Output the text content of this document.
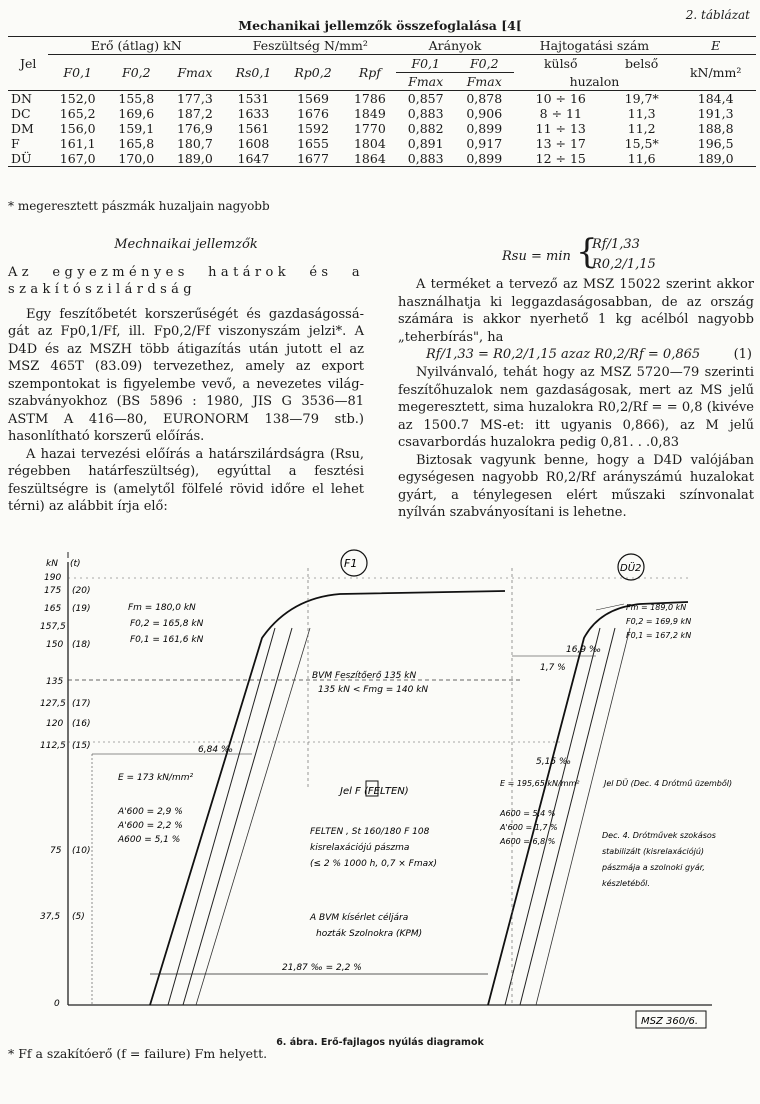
2. táblázat
Mechanikai jellemzők összefoglalása [4[
Jel	Erő (átlag) kN			Feszültség N/mm²			Arányok		Hajtogatási szám		E
	F0,1	F0,2	Fmax	Rs0,1	Rp0,2	Rpf	F0,1	F0,2	külső	belső	kN/mm²
							Fmax	Fmax	huzalon		
DN	152,0	155,8	177,3	1531	1569	1786	0,857	0,878	10 ÷ 16	19,7*	184,4
DC	165,2	169,6	187,2	1633	1676	1849	0,883	0,906	8 ÷ 11	11,3	191,3
DM	156,0	159,1	176,9	1561	1592	1770	0,882	0,899	11 ÷ 13	11,2	188,8
F	161,1	165,8	180,7	1608	1655	1804	0,891	0,917	13 ÷ 17	15,5*	196,5
DÜ	167,0	170,0	189,0	1647	1677	1864	0,883	0,899	12 ÷ 15	11,6	189,0
* megeresztett pászmák huzaljain nagyobb
Mechnaikai jellemzők
Az egyezményes határok és a szakítószilárdság

Egy feszítőbetét korszerűségét és gazdaságosságát az Fp0,1/Ff, ill. Fp0,2/Ff viszonyszám jelzi*. A D4D és az MSZH több átigazítás után jutott el az MSZ 465T (83.09) tervezethez, amely az export szempontokat is figyelembe vevő, a nevezetes világszabványokhoz (BS 5896 : 1980, JIS G 3536—81 ASTM A 416—80, EURONORM 138—79 stb.) hasonlítható korszerű előírás.

A hazai tervezési előírás a határszilárdságra (Rsu, régebben határfeszültség), egyúttal a fesztési feszültségre is (amelytől fölfelé rövid időre el lehet térni) az alábbit írja elő:

Rsu = min {
Rf/1,33
R0,2/1,15

A terméket a tervező az MSZ 15022 szerint akkor használhatja ki leggazdaságosabban, de az ország számára is akkor nyerhető 1 kg acélból nagyobb „teherbírás", ha

Rf/1,33 = R0,2/1,15 azaz R0,2/Rf = 0,865	(1)

Nyilvánvaló, tehát hogy az MSZ 5720—79 szerinti feszítőhuzalok nem gazdaságosak, mert az MS jelű megeresztett, sima huzalokra R0,2/Rf = = 0,8 (kivéve az 1500.7 MS-et: itt ugyanis 0,866), az M jelű csavarbordás huzalokra pedig 0,81. . .0,83

Biztosak vagyunk benne, hogy a D4D valójában egységesen nagyobb R0,2/Rf arányszámú huzalokat gyárt, a ténylegesen elért műszaki színvonalat nyílván szabványosítani is lehetne.

kN (t)
190
175
165
157,5
150
135
127,5
120
112,5
75
37,5
0
(20)
(19)
(18)
(17)
(16)
(15)
(10)
(5)
F1	DÜ2
Fm = 180,0 kN
F0,2 = 165,8 kN
F0,1 = 161,6 kN
Fm = 189,0 kN
F0,2 = 169,9 kN
F0,1 = 167,2 kN
BVM Feszítőerő 135 kN
135 kN < Fmg = 140 kN
6,84 ‰
E = 173 kN/mm²
A'600 = 2,9 %
A'600 = 2,2 %
A600 = 5,1 %
Jel F (FELTEN)
FELTEN , St 160/180 F 108
kisrelaxációjú pászma
(≤ 2 % 1000 h, 0,7 × Fmax)
A BVM kísérlet céljára
hozták Szolnokra (KPM)
16,9 ‰
1,7 %
5,15 ‰
E = 195,65 kN/mm²
A600 = 5,4 %
A'600 = 1,7 %
A600 = 6,8 %
Jel DÜ (Dec. 4 Drótmű üzemből)
Dec. 4. Drótművek szokásos
stabilizált (kisrelaxációjú)
pászmája a szolnoki gyár,
készletéből.
21,87 ‰ = 2,2 %
MSZ 360/6.
6. ábra. Erő-fajlagos nyúlás diagramok
* Ff a szakítóerő (f = failure) Fm helyett.
